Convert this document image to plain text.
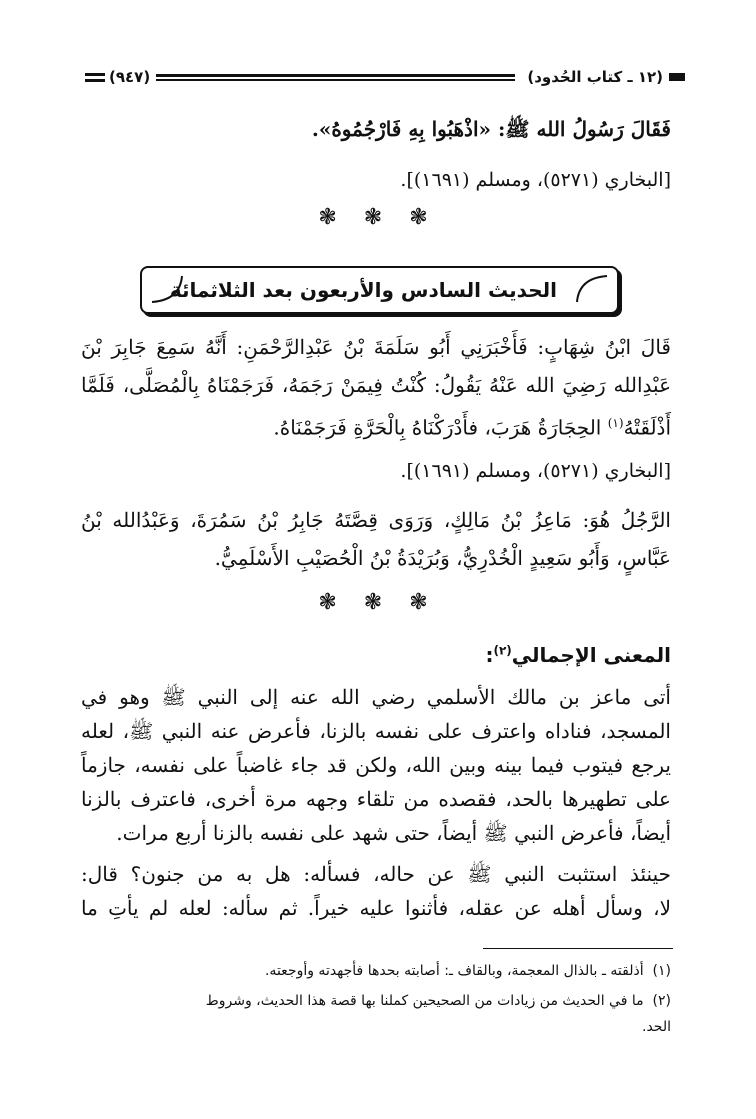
(١٢ ـ كتاب الحُدود)
(٩٤٧)
فَقَالَ رَسُولُ الله ﷺ: «اذْهَبُوا بِهِ فَارْجُمُوهُ».
[البخاري (٥٢٧١)، ومسلم (١٦٩١)].
❃ ❃ ❃
الحديث السادس والأربعون بعد الثلاثمائة
قَالَ ابْنُ شِهَابٍ: فَأَخْبَرَنِي أَبُو سَلَمَةَ بْنُ عَبْدِالرَّحْمَنِ: أَنَّهُ سَمِعَ جَابِرَ بْنَ
عَبْدِالله رَضِيَ الله عَنْهُ يَقُولُ: كُنْتُ فِيمَنْ رَجَمَهُ، فَرَجَمْنَاهُ بِالْمُصَلَّى، فَلَمَّا
أَذْلَقَتْهُ$^{(١)}$ الحِجَارَةُ هَرَبَ، فأَدْرَكْنَاهُ بِالْحَرَّةِ فَرَجَمْنَاهُ.
[البخاري (٥٢٧١)، ومسلم (١٦٩١)].
الرَّجُلُ هُوَ: مَاعِزُ بْنُ مَالِكٍ، وَرَوَى قِصَّتَهُ جَابِرُ بْنُ سَمُرَةَ، وَعَبْدُالله بْنُ
عَبَّاسٍ، وَأَبُو سَعِيدٍ الْخُدْرِيُّ، وَبُرَيْدَةُ بْنُ الْحُصَيْبِ الأَسْلَمِيُّ.
❃ ❃ ❃
المعنى الإجمالي$^{(٢)}$:
أتى ماعز بن مالك الأسلمي رضي الله عنه إلى النبي ﷺ وهو في
المسجد، فناداه واعترف على نفسه بالزنا، فأعرض عنه النبي ﷺ، لعله
يرجع فيتوب فيما بينه وبين الله، ولكن قد جاء غاضباً على نفسه، جازماً
على تطهيرها بالحد، فقصده من تلقاء وجهه مرة أخرى، فاعترف بالزنا
أيضاً، فأعرض النبي ﷺ أيضاً، حتى شهد على نفسه بالزنا أربع مرات.
حينئذ استثبت النبي ﷺ عن حاله، فسأله: هل به من جنون؟ قال:
لا، وسأل أهله عن عقله، فأثنوا عليه خيراً. ثم سأله: لعله لم يأتِ ما
(١)  أذلقته ـ بالذال المعجمة، وبالقاف ـ: أصابته بحدها فأجهدته وأوجعته.
(٢)  ما في الحديث من زيادات من الصحيحين كملنا بها قصة هذا الحديث، وشروط
الحد.
